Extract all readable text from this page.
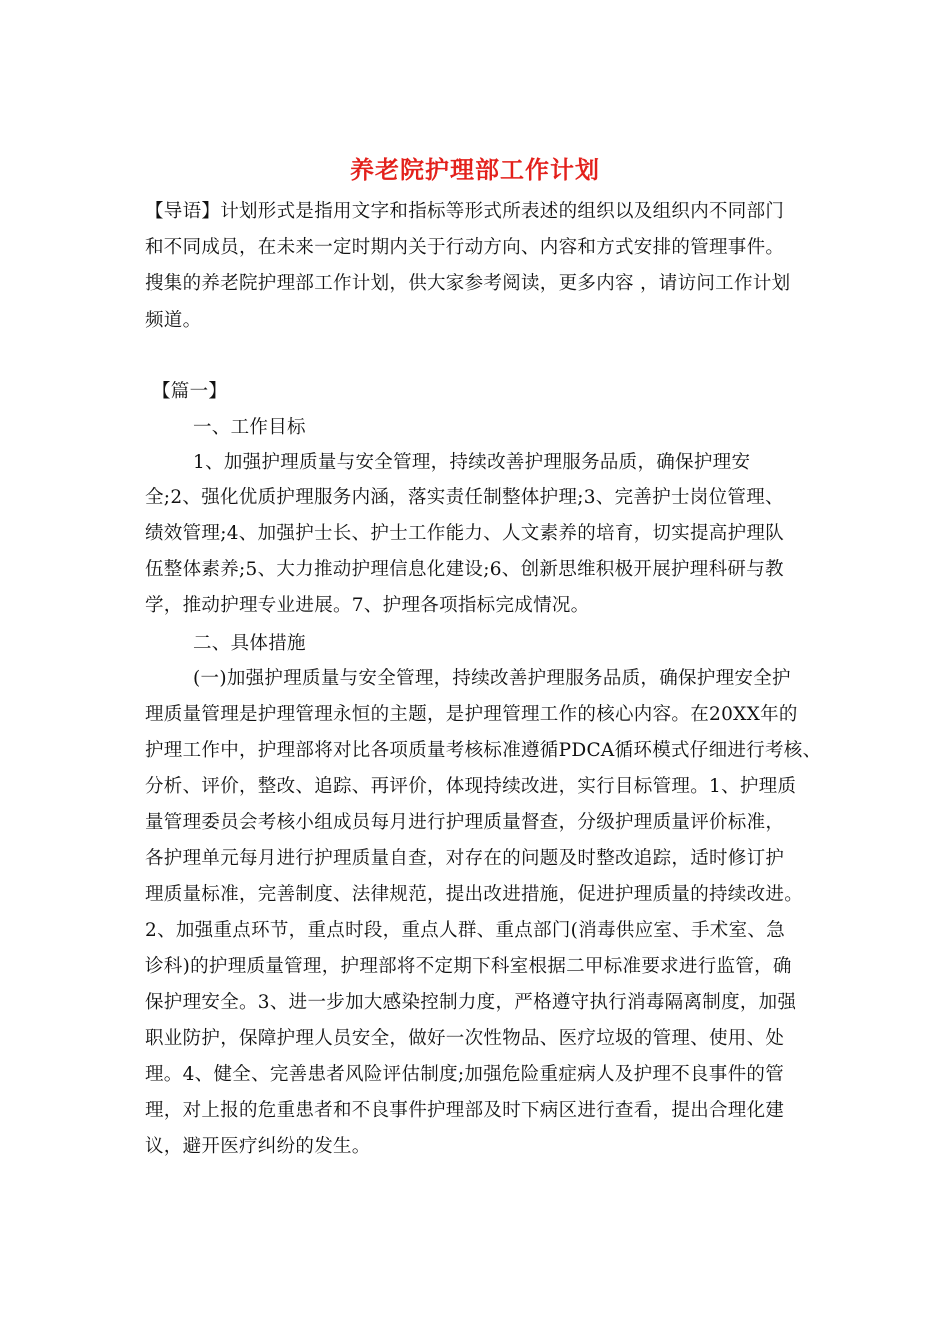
养老院护理部工作计划
【导语】计划形式是指用文字和指标等形式所表述的组织以及组织内不同部门
和不同成员，在未来一定时期内关于行动方向、内容和方式安排的管理事件。
搜集的养老院护理部工作计划，供大家参考阅读，更多内容 ，请访问工作计划
频道。
【篇一】
一、工作目标
1、加强护理质量与安全管理，持续改善护理服务品质，确保护理安
全;2、强化优质护理服务内涵，落实责任制整体护理;3、完善护士岗位管理、
绩效管理;4、加强护士长、护士工作能力、人文素养的培育，切实提高护理队
伍整体素养;5、大力推动护理信息化建设;6、创新思维积极开展护理科研与教
学，推动护理专业进展。7、护理各项指标完成情况。
二、具体措施
(一)加强护理质量与安全管理，持续改善护理服务品质，确保护理安全护
理质量管理是护理管理永恒的主题，是护理管理工作的核心内容。在20XX年的
护理工作中，护理部将对比各项质量考核标准遵循PDCA循环模式仔细进行考核、
分析、评价，整改、追踪、再评价，体现持续改进，实行目标管理。1、护理质
量管理委员会考核小组成员每月进行护理质量督查，分级护理质量评价标准，
各护理单元每月进行护理质量自查，对存在的问题及时整改追踪，适时修订护
理质量标准，完善制度、法律规范，提出改进措施，促进护理质量的持续改进。
2、加强重点环节，重点时段，重点人群、重点部门(消毒供应室、手术室、急
诊科)的护理质量管理，护理部将不定期下科室根据二甲标准要求进行监管，确
保护理安全。3、进一步加大感染控制力度，严格遵守执行消毒隔离制度，加强
职业防护，保障护理人员安全，做好一次性物品、医疗垃圾的管理、使用、处
理。4、健全、完善患者风险评估制度;加强危险重症病人及护理不良事件的管
理，对上报的危重患者和不良事件护理部及时下病区进行查看，提出合理化建
议，避开医疗纠纷的发生。
